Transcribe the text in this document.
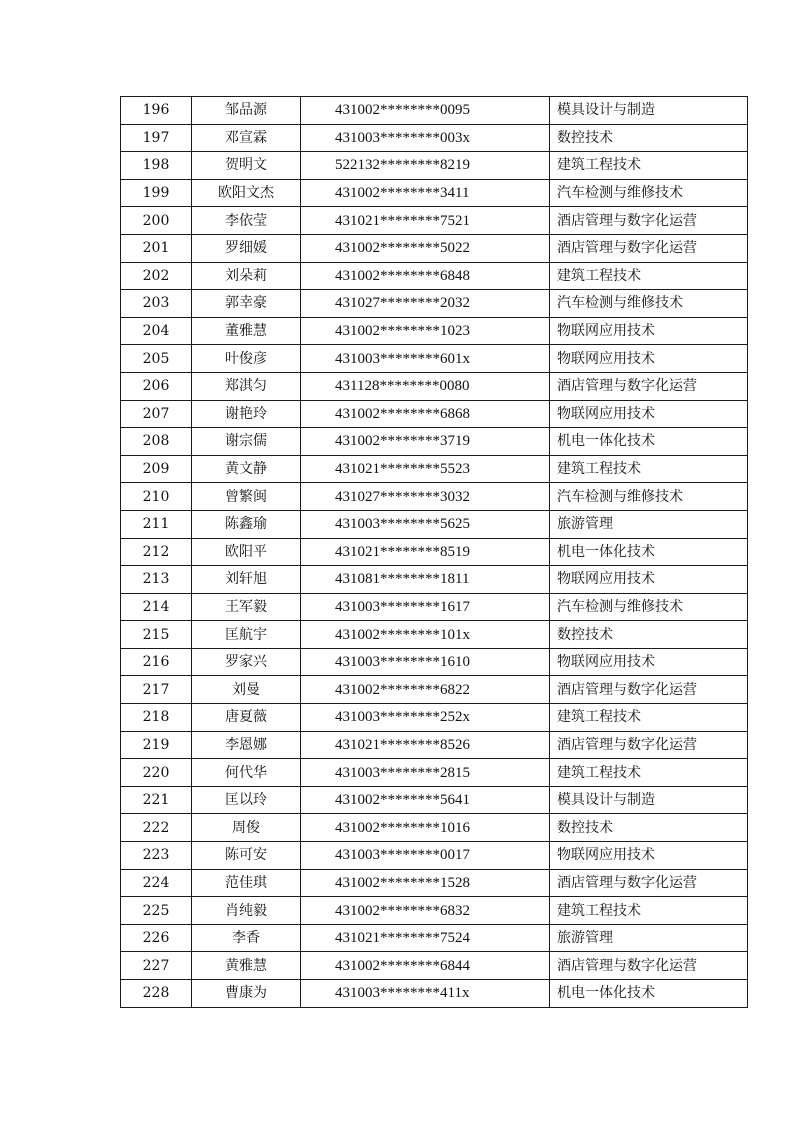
196	邹品源	431002********0095	模具设计与制造
197	邓宣霖	431003********003x	数控技术
198	贺明文	522132********8219	建筑工程技术
199	欧阳文杰	431002********3411	汽车检测与维修技术
200	李依莹	431021********7521	酒店管理与数字化运营
201	罗细媛	431002********5022	酒店管理与数字化运营
202	刘朵莉	431002********6848	建筑工程技术
203	郭幸豪	431027********2032	汽车检测与维修技术
204	董雅慧	431002********1023	物联网应用技术
205	叶俊彦	431003********601x	物联网应用技术
206	郑淇匀	431128********0080	酒店管理与数字化运营
207	谢艳玲	431002********6868	物联网应用技术
208	谢宗儒	431002********3719	机电一体化技术
209	黄文静	431021********5523	建筑工程技术
210	曾繁闽	431027********3032	汽车检测与维修技术
211	陈鑫瑜	431003********5625	旅游管理
212	欧阳平	431021********8519	机电一体化技术
213	刘轩旭	431081********1811	物联网应用技术
214	王军毅	431003********1617	汽车检测与维修技术
215	匡航宇	431002********101x	数控技术
216	罗家兴	431003********1610	物联网应用技术
217	刘曼	431002********6822	酒店管理与数字化运营
218	唐夏薇	431003********252x	建筑工程技术
219	李恩娜	431021********8526	酒店管理与数字化运营
220	何代华	431003********2815	建筑工程技术
221	匡以玲	431002********5641	模具设计与制造
222	周俊	431002********1016	数控技术
223	陈可安	431003********0017	物联网应用技术
224	范佳琪	431002********1528	酒店管理与数字化运营
225	肖纯毅	431002********6832	建筑工程技术
226	李香	431021********7524	旅游管理
227	黄雅慧	431002********6844	酒店管理与数字化运营
228	曹康为	431003********411x	机电一体化技术
